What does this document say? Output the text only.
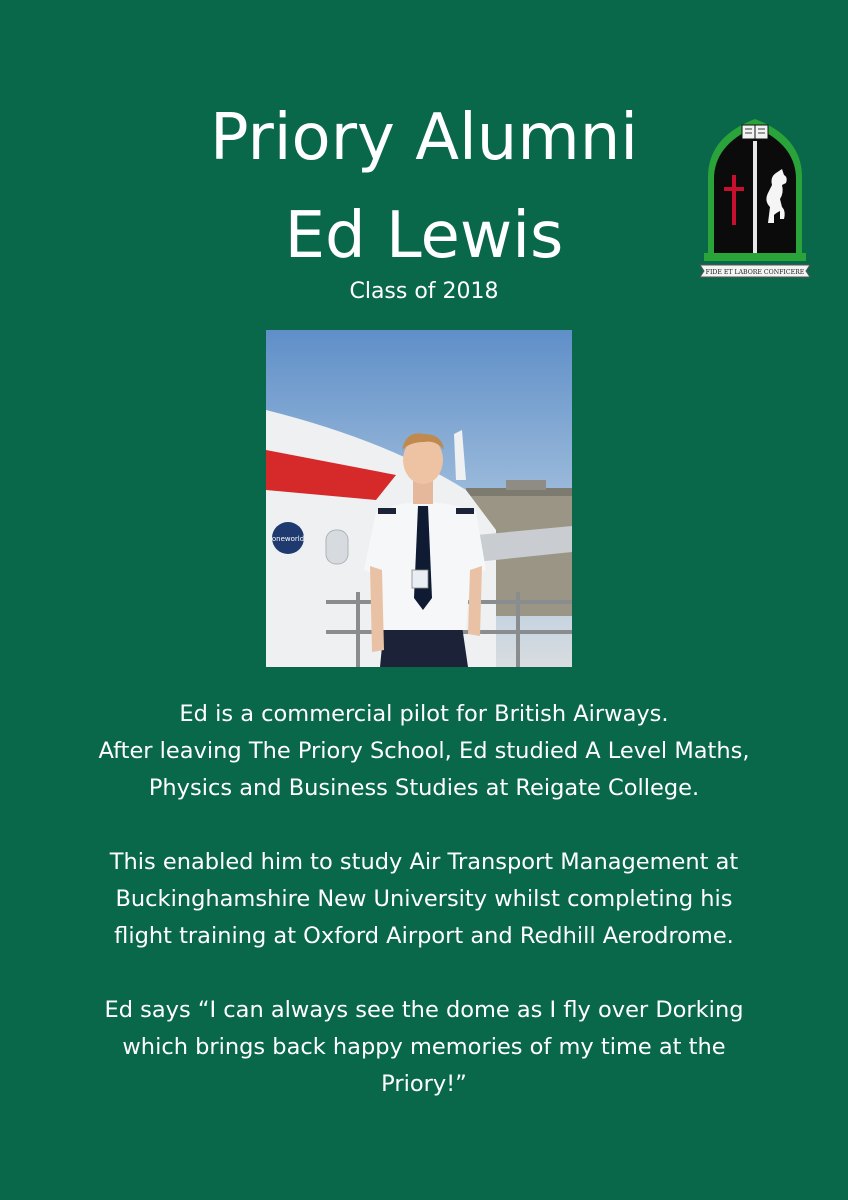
Priory Alumni
Ed Lewis
Class of 2018
FIDE ET LABORE CONFICERE
oneworld

Ed is a commercial pilot for British Airways.
After leaving The Priory School, Ed studied A Level Maths,
Physics and Business Studies at Reigate College.

This enabled him to study Air Transport Management at
Buckinghamshire New University whilst completing his
flight training at Oxford Airport and Redhill Aerodrome.

Ed says “I can always see the dome as I fly over Dorking
which brings back happy memories of my time at the
Priory!”
